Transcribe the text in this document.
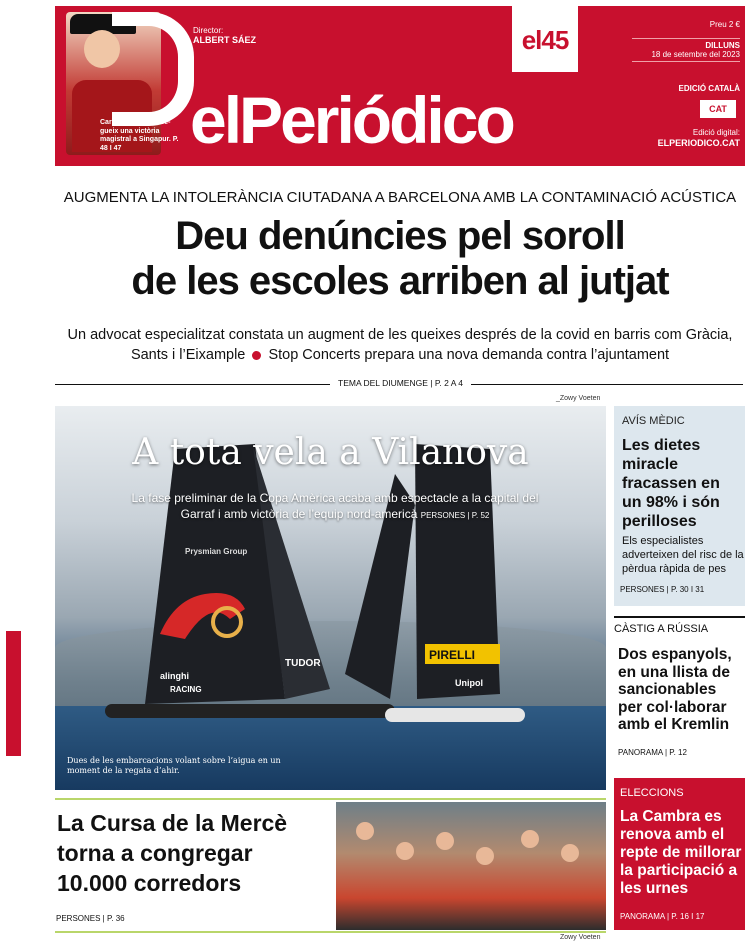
Carlos Sainz aconse-gueix una victòria magistral a Singapur. P. 48 I 47
Director:
ALBERT SÁEZ	el45
Preu 2 €
DILLUNS
18 de setembre del 2023
elPeriódico	EDICIÓ CATALÀ
CAT
Edició digital:
ELPERIODICO.CAT
AUGMENTA LA INTOLERÀNCIA CIUTADANA A BARCELONA AMB LA CONTAMINACIÓ ACÚSTICA
Deu denúncies pel soroll
de les escoles arriben al jutjat
Un advocat especialitzat constata un augment de les queixes després de la covid en barris com Gràcia,
Sants i l’Eixample Stop Concerts prepara una nova demanda contra l’ajuntament
TEMA DEL DIUMENGE | P. 2 A 4
_Zowy Voeten
Prysmian Group
alinghi
RACING
TUDOR
PIRELLI
Unipol
A tota vela a Vilanova
La fase preliminar de la Copa Amèrica acaba amb espectacle a la capital del Garraf i amb victòria de l’equip nord-americà PERSONES | P. 52
Dues de les embarcacions volant sobre l’aigua en un moment de la regata d’ahir.
AVÍS MÈDIC
Les dietes miracle fracassen en un 98% i són perilloses
Els especialistes adverteixen del risc de la pèrdua ràpida de pes
PERSONES | P. 30 I 31
CÀSTIG A RÚSSIA
Dos espanyols, en una llista de sancionables per col·laborar amb el Kremlin
PANORAMA | P. 12
ELECCIONS
La Cambra es renova amb el repte de millorar la participació a les urnes
PANORAMA | P. 16 I 17
La Cursa de la Mercè torna a congregar 10.000 corredors
PERSONES | P. 36
Zowy Voeten
